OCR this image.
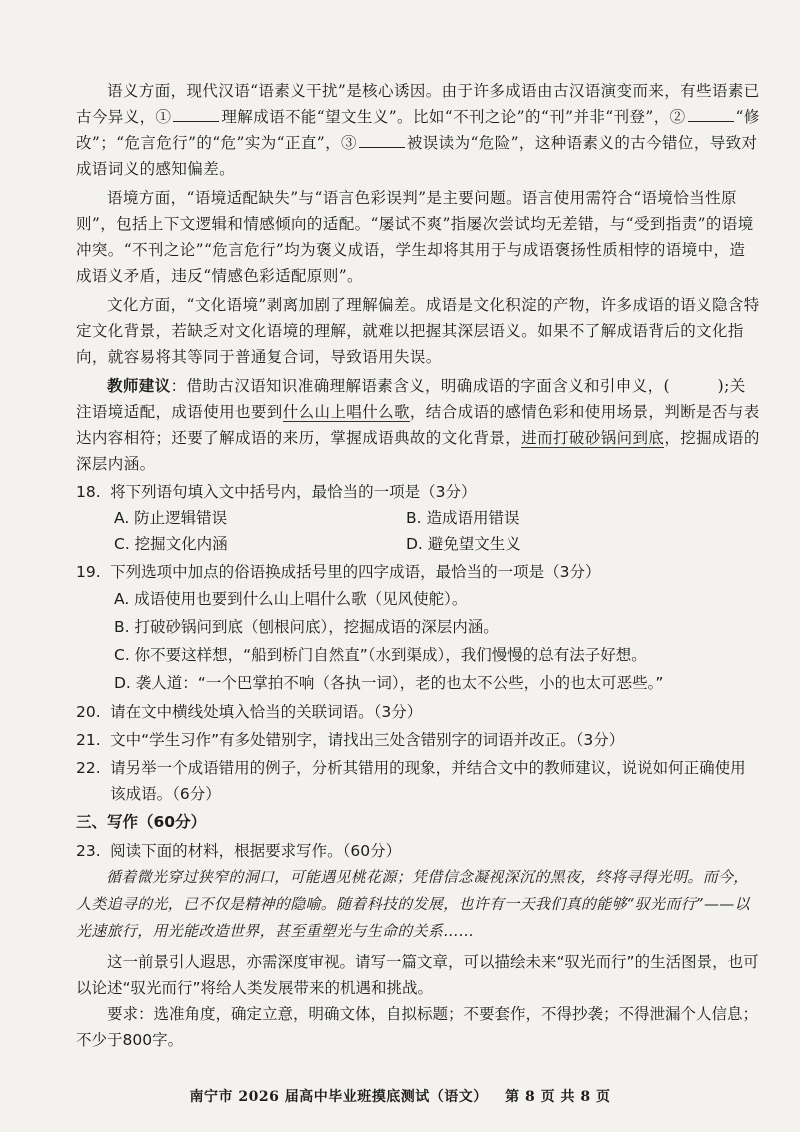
语义方面，现代汉语“语素义干扰”是核心诱因。由于许多成语由古汉语演变而来，有些语素已古今异义，①	理解成语不能“望文生义”。比如“不刊之论”的“刊”并非“刊登”，②	“修改”；“危言危行”的“危”实为“正直”，③	被误读为“危险”，这种语素义的古今错位，导致对成语词义的感知偏差。

语境方面，“语境适配缺失”与“语言色彩误判”是主要问题。语言使用需符合“语境恰当性原则”，包括上下文逻辑和情感倾向的适配。“屡试不爽”指屡次尝试均无差错，与“受到指责”的语境冲突。“不刊之论”“危言危行”均为褒义成语，学生却将其用于与成语褒扬性质相悖的语境中，造成语义矛盾，违反“情感色彩适配原则”。

文化方面，“文化语境”剥离加剧了理解偏差。成语是文化积淀的产物，许多成语的语义隐含特定文化背景，若缺乏对文化语境的理解，就难以把握其深层语义。如果不了解成语背后的文化指向，就容易将其等同于普通复合词，导致语用失误。

教师建议：借助古汉语知识准确理解语素含义，明确成语的字面含义和引申义，(　　　);关注语境适配，成语使用也要到什么山上唱什么歌，结合成语的感情色彩和使用场景，判断是否与表达内容相符；还要了解成语的来历，掌握成语典故的文化背景，进而打破砂锅问到底，挖掘成语的深层内涵。

18. 将下列语句填入文中括号内，最恰当的一项是（3分）

A. 防止逻辑错误	B. 造成语用错误
C. 挖掘文化内涵	D. 避免望文生义

19. 下列选项中加点的俗语换成括号里的四字成语，最恰当的一项是（3分）

A. 成语使用也要到什么山上唱什么歌（见风使舵）。
B. 打破砂锅问到底（刨根问底），挖掘成语的深层内涵。
C. 你不要这样想，“船到桥门自然直”（水到渠成），我们慢慢的总有法子好想。
D. 袭人道：“一个巴掌拍不响（各执一词），老的也太不公些，小的也太可恶些。”

20. 请在文中横线处填入恰当的关联词语。（3分）

21. 文中“学生习作”有多处错别字，请找出三处含错别字的词语并改正。（3分）

22. 请另举一个成语错用的例子，分析其错用的现象，并结合文中的教师建议，说说如何正确使用该成语。（6分）

三、写作（60分）

23. 阅读下面的材料，根据要求写作。（60分）

循着微光穿过狭窄的洞口，可能遇见桃花源；凭借信念凝视深沉的黑夜，终将寻得光明。而今，人类追寻的光，已不仅是精神的隐喻。随着科技的发展，也许有一天我们真的能够“驭光而行”——以光速旅行，用光能改造世界，甚至重塑光与生命的关系……

这一前景引人遐思，亦需深度审视。请写一篇文章，可以描绘未来“驭光而行”的生活图景，也可以论述“驭光而行”将给人类发展带来的机遇和挑战。

要求：选准角度，确定立意，明确文体，自拟标题；不要套作，不得抄袭；不得泄漏个人信息；不少于800字。

南宁市 2026 届高中毕业班摸底测试（语文） 第 8 页 共 8 页
